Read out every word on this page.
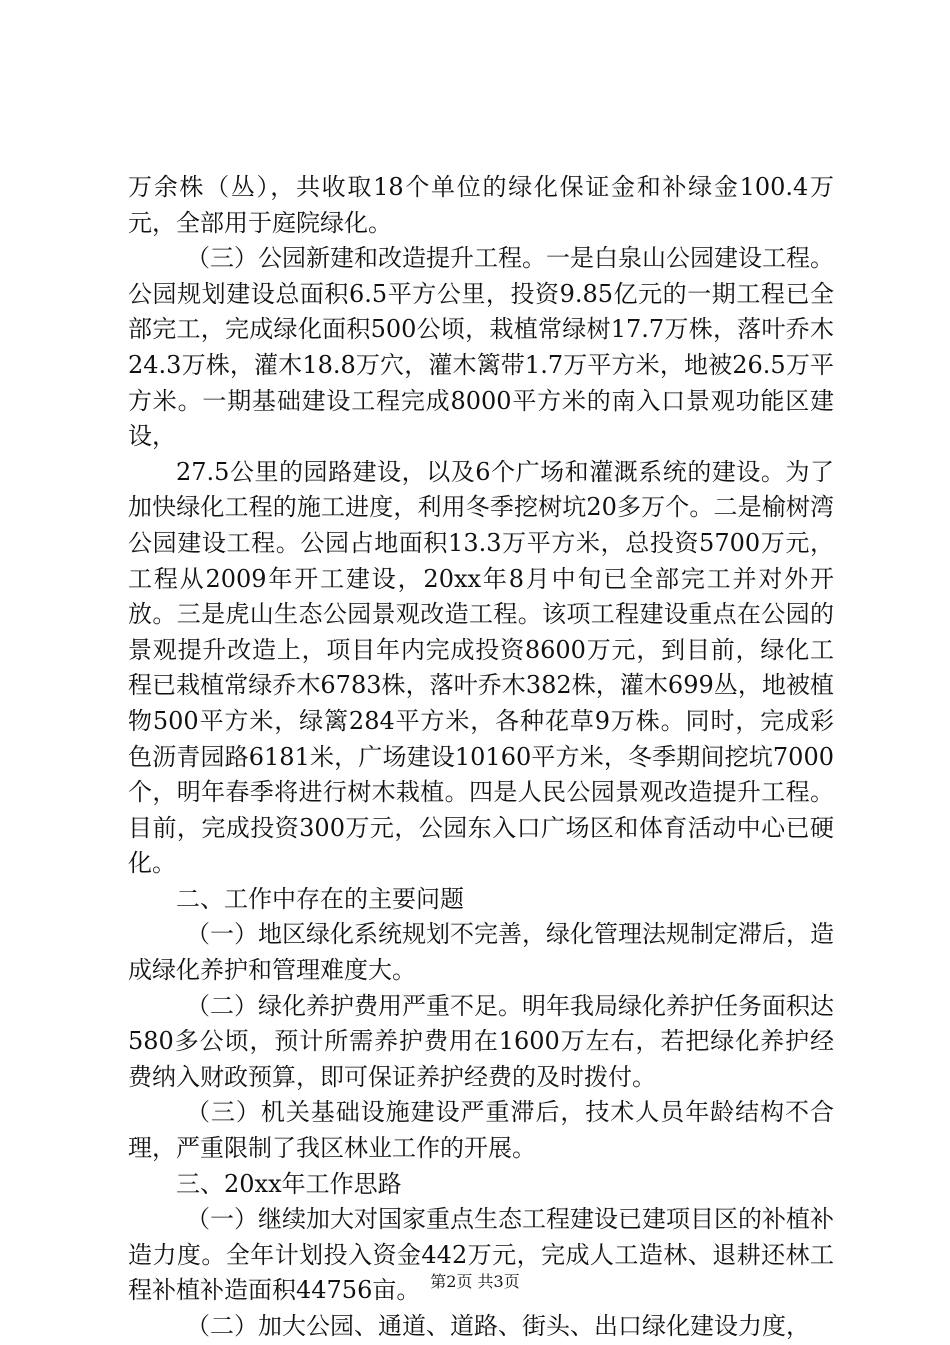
万余株（丛），共收取18个单位的绿化保证金和补绿金100.4万元，全部用于庭院绿化。

（三）公园新建和改造提升工程。一是白泉山公园建设工程。公园规划建设总面积6.5平方公里，投资9.85亿元的一期工程已全部完工，完成绿化面积500公顷，栽植常绿树17.7万株，落叶乔木24.3万株，灌木18.8万穴，灌木篱带1.7万平方米，地被26.5万平方米。一期基础建设工程完成8000平方米的南入口景观功能区建设，

27.5公里的园路建设，以及6个广场和灌溉系统的建设。为了加快绿化工程的施工进度，利用冬季挖树坑20多万个。二是榆树湾公园建设工程。公园占地面积13.3万平方米，总投资5700万元，工程从2009年开工建设，20xx年8月中旬已全部完工并对外开放。三是虎山生态公园景观改造工程。该项工程建设重点在公园的景观提升改造上，项目年内完成投资8600万元，到目前，绿化工程已栽植常绿乔木6783株，落叶乔木382株，灌木699丛，地被植物500平方米，绿篱284平方米，各种花草9万株。同时，完成彩色沥青园路6181米，广场建设10160平方米，冬季期间挖坑7000个，明年春季将进行树木栽植。四是人民公园景观改造提升工程。目前，完成投资300万元，公园东入口广场区和体育活动中心已硬化。

二、工作中存在的主要问题

（一）地区绿化系统规划不完善，绿化管理法规制定滞后，造成绿化养护和管理难度大。

（二）绿化养护费用严重不足。明年我局绿化养护任务面积达580多公顷，预计所需养护费用在1600万左右，若把绿化养护经费纳入财政预算，即可保证养护经费的及时拨付。

（三）机关基础设施建设严重滞后，技术人员年龄结构不合理，严重限制了我区林业工作的开展。

三、20xx年工作思路

（一）继续加大对国家重点生态工程建设已建项目区的补植补造力度。全年计划投入资金442万元，完成人工造林、退耕还林工程补植补造面积44756亩。

（二）加大公园、通道、道路、街头、出口绿化建设力度，

第2页 共3页
